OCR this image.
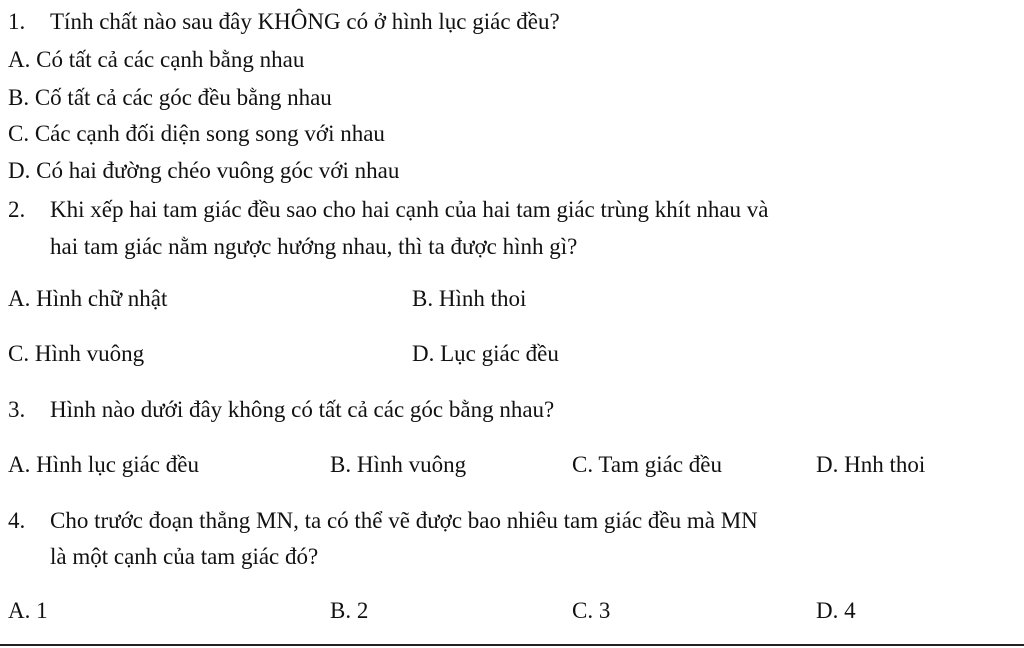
1. Tính chất nào sau đây KHÔNG có ở hình lục giác đều?
A. Có tất cả các cạnh bằng nhau
B. Cố tất cả các góc đều bằng nhau
C. Các cạnh đối diện song song với nhau
D. Có hai đường chéo vuông góc với nhau
2. Khi xếp hai tam giác đều sao cho hai cạnh của hai tam giác trùng khít nhau và
hai tam giác nằm ngược hướng nhau, thì ta được hình gì?
A. Hình chữ nhật	B. Hình thoi
C. Hình vuông	D. Lục giác đều
3. Hình nào dưới đây không có tất cả các góc bằng nhau?
A. Hình lục giác đều	B. Hình vuông	C. Tam giác đều	D. Hnh thoi
4. Cho trước đoạn thẳng MN, ta có thể vẽ được bao nhiêu tam giác đều mà MN
là một cạnh của tam giác đó?
A. 1	B. 2	C. 3	D. 4
